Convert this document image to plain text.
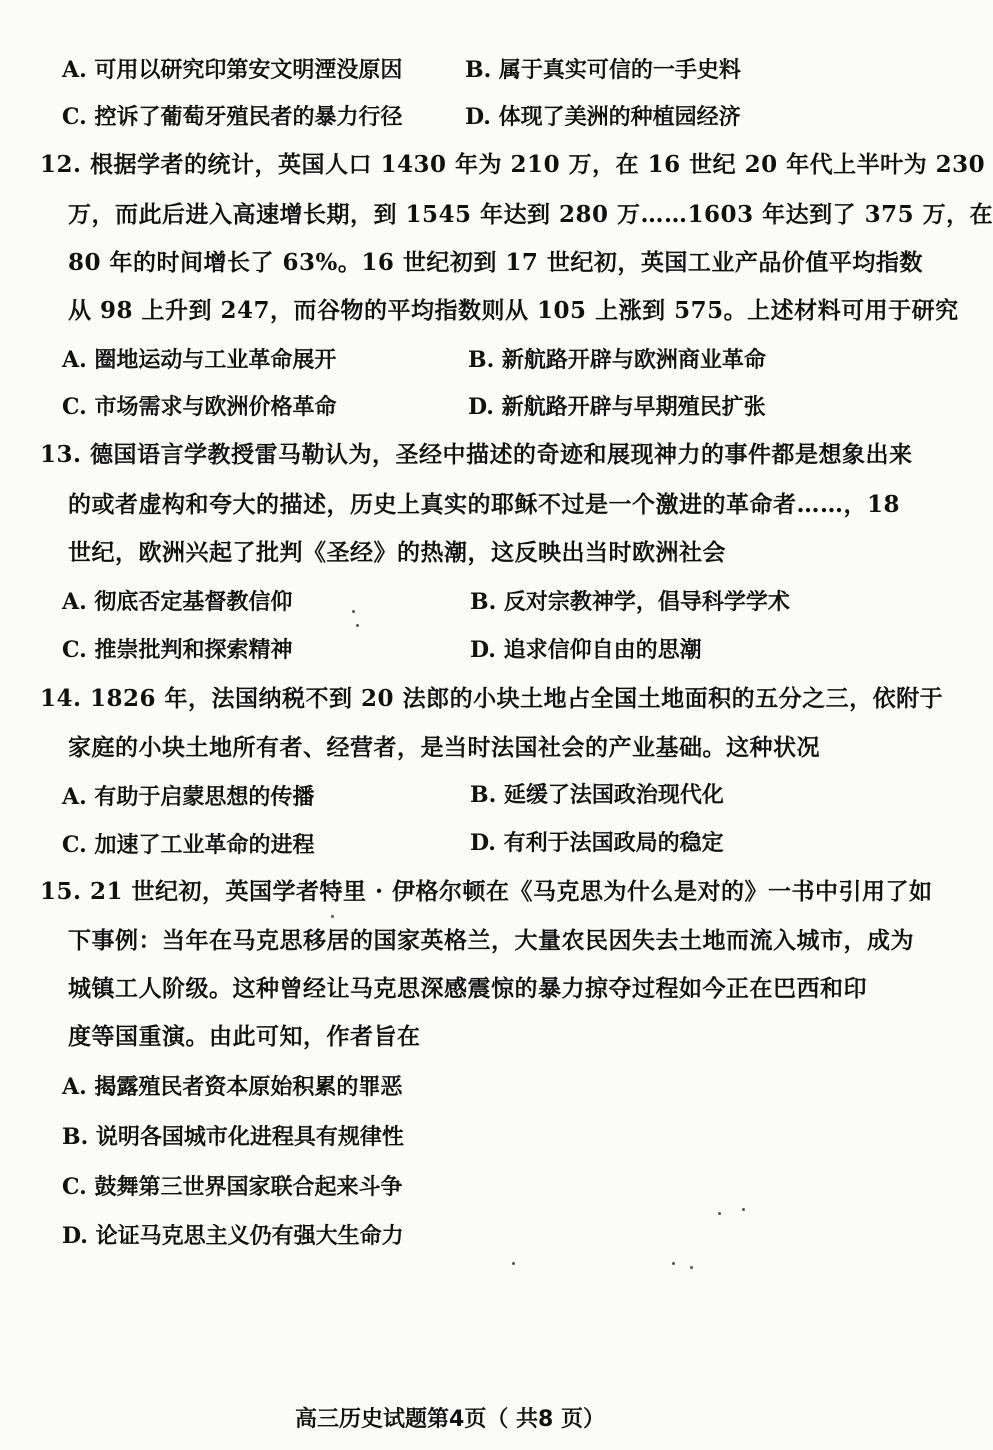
A. 可用以研究印第安文明湮没原因	B. 属于真实可信的一手史料
C. 控诉了葡萄牙殖民者的暴力行径	D. 体现了美洲的种植园经济
12. 根据学者的统计，英国人口 1430 年为 210 万，在 16 世纪 20 年代上半叶为 230
万，而此后进入高速增长期，到 1545 年达到 280 万……1603 年达到了 375 万，在
80 年的时间增长了 63%。16 世纪初到 17 世纪初，英国工业产品价值平均指数
从 98 上升到 247，而谷物的平均指数则从 105 上涨到 575。上述材料可用于研究
A. 圈地运动与工业革命展开	B. 新航路开辟与欧洲商业革命
C. 市场需求与欧洲价格革命	D. 新航路开辟与早期殖民扩张
13. 德国语言学教授雷马勒认为，圣经中描述的奇迹和展现神力的事件都是想象出来
的或者虚构和夸大的描述，历史上真实的耶稣不过是一个激进的革命者……，18
世纪，欧洲兴起了批判《圣经》的热潮，这反映出当时欧洲社会
A. 彻底否定基督教信仰	B. 反对宗教神学，倡导科学学术
C. 推崇批判和探索精神	D. 追求信仰自由的思潮
14. 1826 年，法国纳税不到 20 法郎的小块土地占全国土地面积的五分之三，依附于
家庭的小块土地所有者、经营者，是当时法国社会的产业基础。这种状况
A. 有助于启蒙思想的传播	B. 延缓了法国政治现代化
C. 加速了工业革命的进程	D. 有利于法国政局的稳定
15. 21 世纪初，英国学者特里 · 伊格尔顿在《马克思为什么是对的》一书中引用了如
下事例：当年在马克思移居的国家英格兰，大量农民因失去土地而流入城市，成为
城镇工人阶级。这种曾经让马克思深感震惊的暴力掠夺过程如今正在巴西和印
度等国重演。由此可知，作者旨在
A. 揭露殖民者资本原始积累的罪恶
B. 说明各国城市化进程具有规律性
C. 鼓舞第三世界国家联合起来斗争
D. 论证马克思主义仍有强大生命力
高三历史试题第4页（ 共8 页）
